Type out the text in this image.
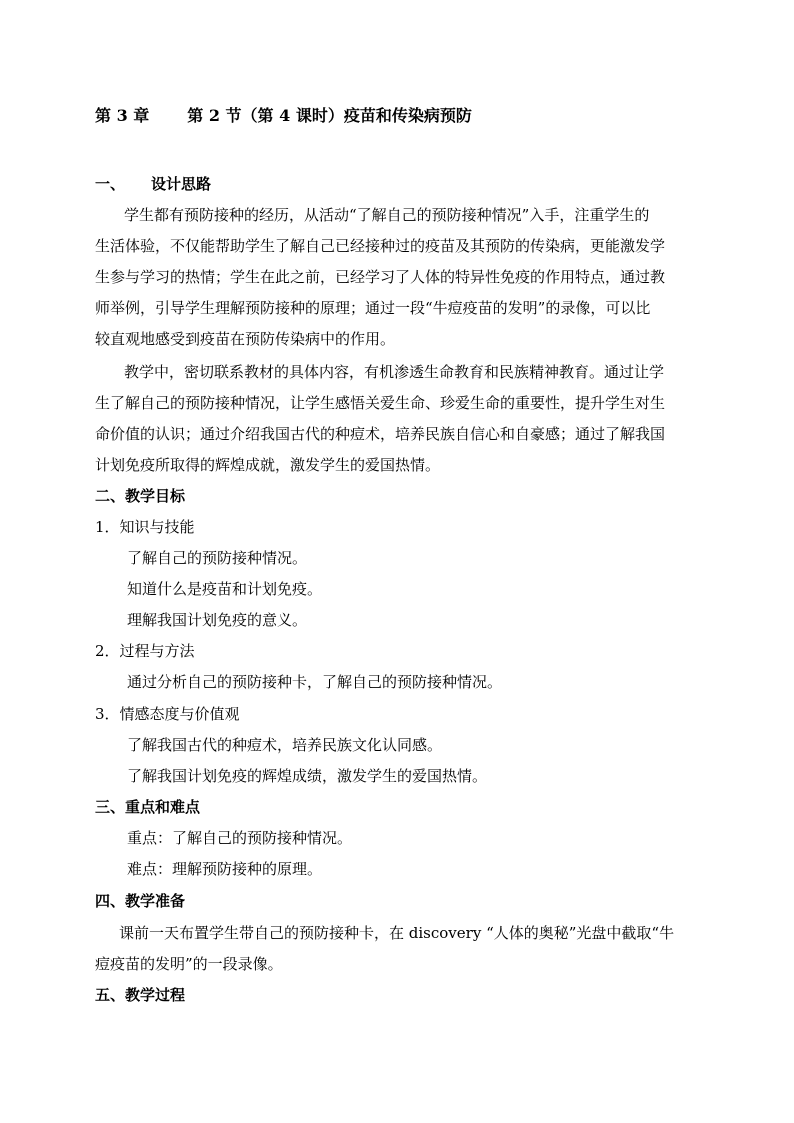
第 3 章 第 2 节（第 4 课时）疫苗和传染病预防
一、 设计思路
学生都有预防接种的经历，从活动“了解自己的预防接种情况”入手，注重学生的
生活体验，不仅能帮助学生了解自己已经接种过的疫苗及其预防的传染病，更能激发学
生参与学习的热情；学生在此之前，已经学习了人体的特异性免疫的作用特点，通过教
师举例，引导学生理解预防接种的原理；通过一段“牛痘疫苗的发明”的录像，可以比
较直观地感受到疫苗在预防传染病中的作用。
教学中，密切联系教材的具体内容，有机渗透生命教育和民族精神教育。通过让学
生了解自己的预防接种情况，让学生感悟关爱生命、珍爱生命的重要性，提升学生对生
命价值的认识；通过介绍我国古代的种痘术，培养民族自信心和自豪感；通过了解我国
计划免疫所取得的辉煌成就，激发学生的爱国热情。
二、教学目标
1．知识与技能
了解自己的预防接种情况。
知道什么是疫苗和计划免疫。
理解我国计划免疫的意义。
2．过程与方法
通过分析自己的预防接种卡，了解自己的预防接种情况。
3．情感态度与价值观
了解我国古代的种痘术，培养民族文化认同感。
了解我国计划免疫的辉煌成绩，激发学生的爱国热情。
三、重点和难点
重点：了解自己的预防接种情况。
难点：理解预防接种的原理。
四、教学准备
课前一天布置学生带自己的预防接种卡，在 discovery “人体的奥秘”光盘中截取“牛
痘疫苗的发明”的一段录像。
五、教学过程
